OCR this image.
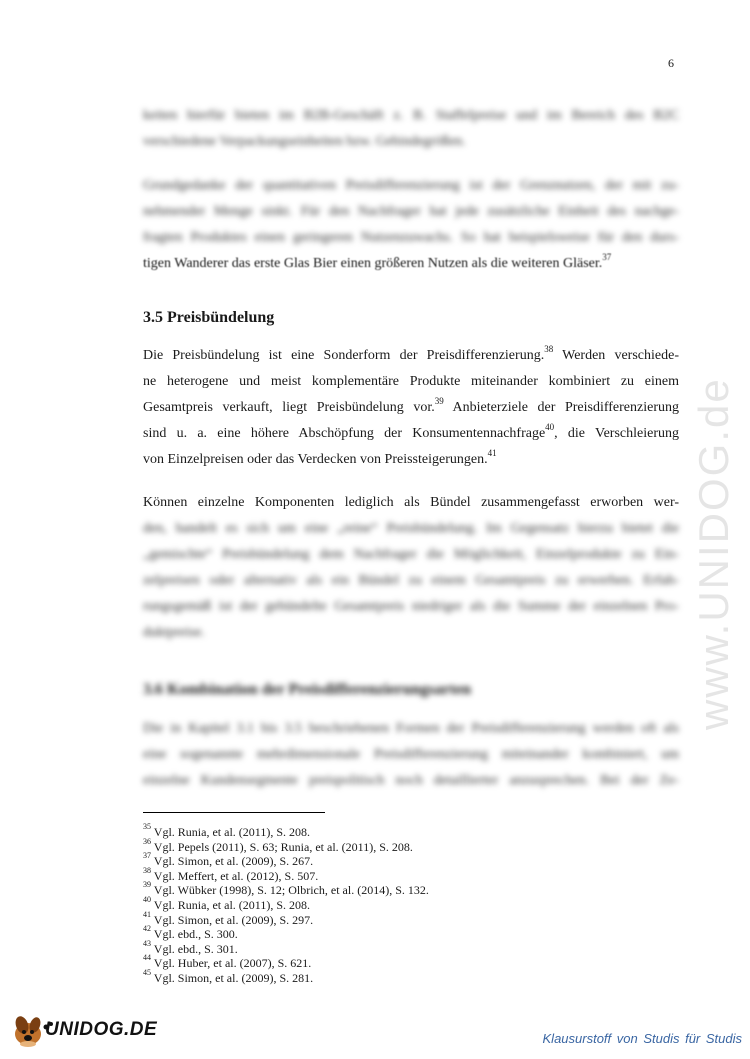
6
keiten hierfür bieten im B2B-Geschäft z. B. Staffelpreise und im Bereich des B2C
verschiedene Verpackungseinheiten bzw. Gebindegrößen.
Grundgedanke der quantitativen Preisdifferenzierung ist der Grenznutzen, der mit zu-
nehmender Menge sinkt. Für den Nachfrager hat jede zusätzliche Einheit des nachge-
fragten Produktes einen geringeren Nutzenzuwachs. So hat beispielsweise für den durs-
tigen Wanderer das erste Glas Bier einen größeren Nutzen als die weiteren Gläser.$^{37}$
3.5 Preisbündelung
Die Preisbündelung ist eine Sonderform der Preisdifferenzierung.$^{38}$ Werden verschiede-
ne heterogene und meist komplementäre Produkte miteinander kombiniert zu einem
Gesamtpreis verkauft, liegt Preisbündelung vor.$^{39}$ Anbieterziele der Preisdifferenzierung
sind u. a. eine höhere Abschöpfung der Konsumentennachfrage$^{40}$, die Verschleierung
von Einzelpreisen oder das Verdecken von Preissteigerungen.$^{41}$
Können einzelne Komponenten lediglich als Bündel zusammengefasst erworben wer-
den, handelt es sich um eine „reine“ Preisbündelung. Im Gegensatz hierzu bietet die
„gemischte“ Preisbündelung dem Nachfrager die Möglichkeit, Einzelprodukte zu Ein-
zelpreisen oder alternativ als ein Bündel zu einem Gesamtpreis zu erwerben. Erfah-
rungsgemäß ist der gebündelte Gesamtpreis niedriger als die Summe der einzelnen Pro-
duktpreise.
3.6 Kombination der Preisdifferenzierungsarten
Die in Kapitel 3.1 bis 3.5 beschriebenen Formen der Preisdifferenzierung werden oft als
eine sogenannte mehrdimensionale Preisdifferenzierung miteinander kombiniert, um
einzelne Kundensegmente preispolitisch noch detaillierter anzusprechen. Bei der Ze-
$^{35}$ Vgl. Runia, et al. (2011), S. 208.
$^{36}$ Vgl. Pepels (2011), S. 63; Runia, et al. (2011), S. 208.
$^{37}$ Vgl. Simon, et al. (2009), S. 267.
$^{38}$ Vgl. Meffert, et al. (2012), S. 507.
$^{39}$ Vgl. Wübker (1998), S. 12; Olbrich, et al. (2014), S. 132.
$^{40}$ Vgl. Runia, et al. (2011), S. 208.
$^{41}$ Vgl. Simon, et al. (2009), S. 297.
$^{42}$ Vgl. ebd., S. 300.
$^{43}$ Vgl. ebd., S. 301.
$^{44}$ Vgl. Huber, et al. (2007), S. 621.
$^{45}$ Vgl. Simon, et al. (2009), S. 281.
www.UNIDOG.de
UNIDOG.DE	Klausurstoff von Studis für Studis
